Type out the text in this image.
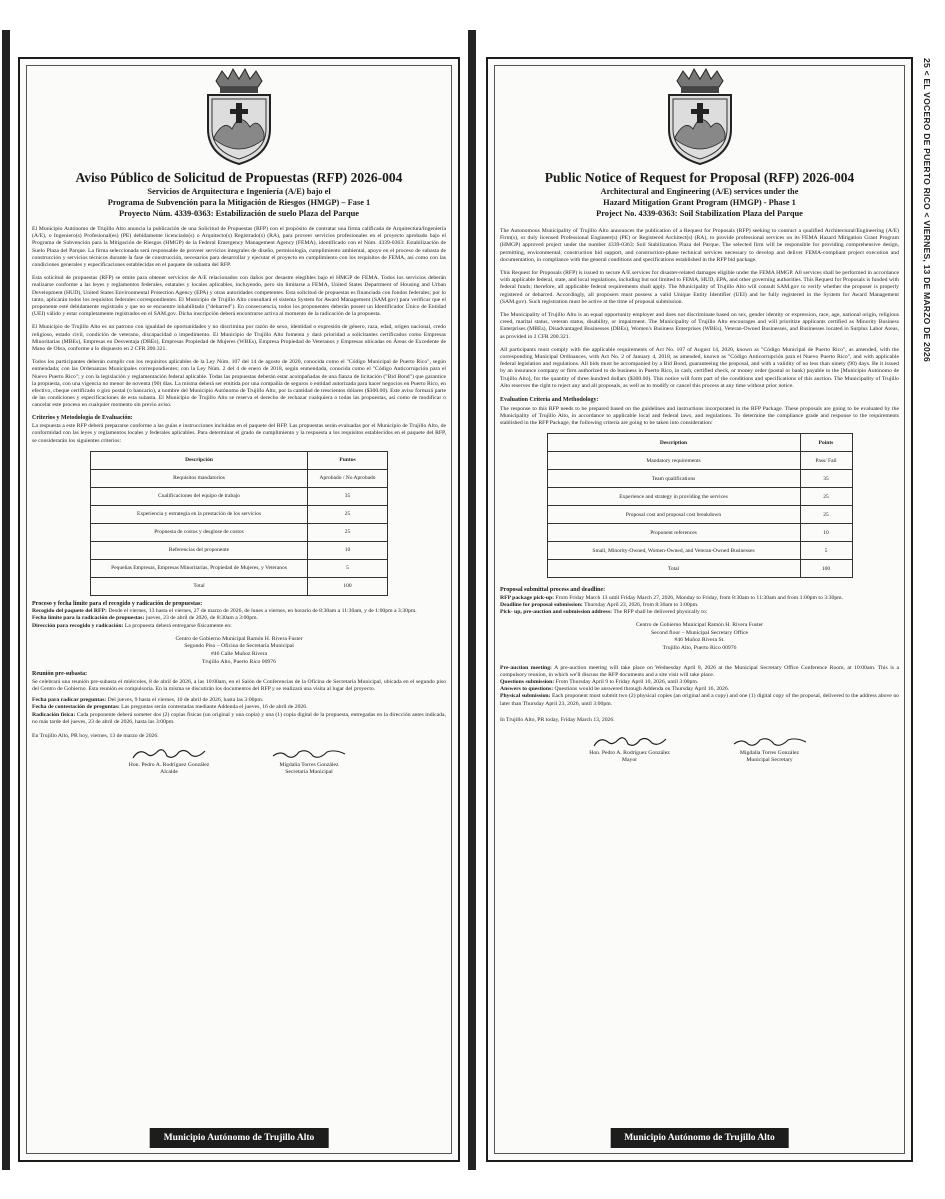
25 < EL VOCERO DE PUERTO RICO < VIERNES, 13 DE MARZO DE 2026
Aviso Público de Solicitud de Propuestas (RFP) 2026-004
Servicios de Arquitectura e Ingeniería (A/E) bajo el
Programa de Subvención para la Mitigación de Riesgos (HMGP) – Fase 1
Proyecto Núm. 4339-0363: Estabilización de suelo Plaza del Parque

El Municipio Autónomo de Trujillo Alto anuncia la publicación de una Solicitud de Propuestas (RFP) con el propósito de contratar una firma calificada de Arquitectura/Ingeniería (A/E), o Ingeniero(s) Profesional(es) (PE) debidamente licenciado(s) o Arquitecto(s) Registrado(s) (RA), para proveer servicios profesionales en el proyecto aprobado bajo el Programa de Subvención para la Mitigación de Riesgos (HMGP) de la Federal Emergency Management Agency (FEMA), identificado con el Núm. 4339-0363: Estabilización de Suelo Plaza del Parque. La firma seleccionada será responsable de proveer servicios integrales de diseño, permisología, cumplimiento ambiental, apoyo en el proceso de subasta de construcción y servicios técnicos durante la fase de construcción, necesarios para desarrollar y ejecutar el proyecto en cumplimiento con los requisitos de FEMA, así como con las condiciones generales y especificaciones establecidas en el paquete de subasta del RFP.

Esta solicitud de propuestas (RFP) se emite para obtener servicios de A/E relacionados con daños por desastre elegibles bajo el HMGP de FEMA. Todos los servicios deberán realizarse conforme a las leyes y reglamentos federales, estatales y locales aplicables, incluyendo, pero sin limitarse a FEMA, United States Department of Housing and Urban Development (HUD), United States Environmental Protection Agency (EPA) y otras autoridades competentes. Esta solicitud de propuestas es financiada con fondos federales; por lo tanto, aplicarán todos los requisitos federales correspondientes. El Municipio de Trujillo Alto consultará el sistema System for Award Management (SAM.gov) para verificar que el proponente esté debidamente registrado y que no se encuentre inhabilitado ("debarred"). En consecuencia, todos los proponentes deberán poseer un Identificador Único de Entidad (UEI) válido y estar completamente registrados en el SAM.gov. Dicha inscripción deberá encontrarse activa al momento de la radicación de la propuesta.

El Municipio de Trujillo Alto es un patrono con igualdad de oportunidades y no discrimina por razón de sexo, identidad o expresión de género, raza, edad, origen nacional, credo religioso, estado civil, condición de veterano, discapacidad o impedimento. El Municipio de Trujillo Alto fomenta y dará prioridad a solicitantes certificados como Empresas Minoritarias (MBEs), Empresas en Desventaja (DBEs), Empresas Propiedad de Mujeres (WBEs), Empresa Propiedad de Veteranos y Empresas ubicadas en Áreas de Excedente de Mano de Obra, conforme a lo dispuesto en 2 CFR 200.321.

Todos los participantes deberán cumplir con los requisitos aplicables de la Ley Núm. 107 del 14 de agosto de 2020, conocida como el "Código Municipal de Puerto Rico", según enmendada; con las Ordenanzas Municipales correspondientes; con la Ley Núm. 2 del 4 de enero de 2018, según enmendada, conocida como el "Código Anticorrupción para el Nuevo Puerto Rico"; y con la legislación y reglamentación federal aplicable. Todas las propuestas deberán estar acompañadas de una fianza de licitación ("Bid Bond") que garantice la propuesta, con una vigencia no menor de noventa (90) días. La misma deberá ser emitida por una compañía de seguros o entidad autorizada para hacer negocios en Puerto Rico, en efectivo, cheque certificado o giro postal (o bancario), a nombre del Municipio Autónomo de Trujillo Alto, por la cantidad de trescientos dólares ($300.00). Este aviso formará parte de las condiciones y especificaciones de esta subasta. El Municipio de Trujillo Alto se reserva el derecho de rechazar cualquiera o todas las propuestas, así como de modificar o cancelar este proceso en cualquier momento sin previo aviso.

Criterios y Metodología de Evaluación:

La respuesta a este RFP deberá prepararse conforme a las guías e instrucciones incluidas en el paquete del RFP. Las propuestas serán evaluadas por el Municipio de Trujillo Alto, de conformidad con las leyes y reglamentos locales y federales aplicables. Para determinar el grado de cumplimiento y la respuesta a los requisitos establecidos en el paquete del RFP, se considerarán los siguientes criterios:

Descripción	Puntos
Requisitos mandatorios	Aprobado / No Aprobado
Cualificaciones del equipo de trabajo	35
Experiencia y estrategia en la prestación de los servicios	25
Propuesta de costos y desglose de costos	25
Referencias del proponente	10
Pequeñas Empresas, Empresas Minoritarias, Propiedad de Mujeres, y Veteranos	5
Total	100
Proceso y fecha límite para el recogido y radicación de propuestas:
Recogido del paquete del RFP: Desde el viernes, 13 hasta el viernes, 27 de marzo de 2026, de lunes a viernes, en horario de 8:30am a 11:30am, y de 1:00pm a 3:30pm.
Fecha límite para la radicación de propuestas: jueves, 23 de abril de 2026, de 8:30am a 3:00pm.
Dirección para recogido y radicación: La propuesta deberá entregarse físicamente en:
Centro de Gobierno Municipal Ramón H. Rivera Fuster
Segundo Piso – Oficina de Secretaría Municipal
#46 Calle Muñoz Rivera
Trujillo Alto, Puerto Rico 00976
Reunión pre-subasta:
Se celebrará una reunión pre-subasta el miércoles, 8 de abril de 2026, a las 10:00am, en el Salón de Conferencias de la Oficina de Secretaría Municipal, ubicada en el segundo piso del Centro de Gobierno. Esta reunión es compulsoria. En la misma se discutirán los documentos del RFP y se realizará una visita al lugar del proyecto.
Fecha para radicar preguntas: Del jueves, 9 hasta el viernes, 10 de abril de 2026, hasta las 3:00pm.
Fecha de contestación de preguntas: Las preguntas serán contestadas mediante Addenda el jueves, 16 de abril de 2026.
Radicación física: Cada proponente deberá someter dos (2) copias físicas (un original y una copia) y una (1) copia digital de la propuesta, entregadas en la dirección antes indicada, no más tarde del jueves, 23 de abril de 2026, hasta las 3:00pm.
En Trujillo Alto, PR hoy, viernes, 13 de marzo de 2026.
Hon. Pedro A. Rodríguez González
Alcalde
Migdalia Torres González
Secretaria Municipal
Municipio Autónomo de Trujillo Alto
Public Notice of Request for Proposal (RFP) 2026-004
Architectural and Engineering (A/E) services under the
Hazard Mitigation Grant Program (HMGP) - Phase 1
Project No. 4339-0363: Soil Stabilization Plaza del Parque

The Autonomous Municipality of Trujillo Alto announces the publication of a Request for Proposals (RFP) seeking to contract a qualified Architectural/Engineering (A/E) Firm(s), or duly licensed Professional Engineer(s) (PE) or Registered Architect(s) (RA), to provide professional services on its FEMA Hazard Mitigation Grant Program (HMGP) approved project under the number 4339-0363: Soil Stabilization Plaza del Parque. The selected firm will be responsible for providing comprehensive design, permitting, environmental, construction bid support, and construction-phase technical services necessary to develop and deliver FEMA-compliant project execution and documentation, in compliance with the general conditions and specifications established in the RFP bid package.

This Request for Proposals (RFP) is issued to secure A/E services for disaster-related damages eligible under the FEMA HMGP. All services shall be performed in accordance with applicable federal, state, and local regulations, including but not limited to FEMA, HUD, EPA, and other governing authorities. This Request for Proposals is funded with federal funds; therefore, all applicable federal requirements shall apply. The Municipality of Trujillo Alto will consult SAM.gov to verify whether the proposer is properly registered or debarred. Accordingly, all proposers must possess a valid Unique Entity Identifier (UEI) and be fully registered in the System for Award Management (SAM.gov). Such registration must be active at the time of proposal submission.

The Municipality of Trujillo Alto is an equal opportunity employer and does not discriminate based on sex, gender identity or expression, race, age, national origin, religious creed, marital status, veteran status, disability, or impairment. The Municipality of Trujillo Alto encourages and will prioritize applicants certified as Minority Business Enterprises (MBEs), Disadvantaged Businesses (DBEs), Women's Business Enterprises (WBEs), Veteran-Owned Businesses, and Businesses located in Surplus Labor Areas, as provided in 2 CFR 200.321.

All participants must comply with the applicable requirements of Act No. 107 of August 14, 2020, known as "Código Municipal de Puerto Rico", as amended, with the corresponding Municipal Ordinances, with Act No. 2 of January 4, 2018, as amended, known as "Código Anticorrupción para el Nuevo Puerto Rico", and with applicable federal legislation and regulations. All bids must be accompanied by a Bid Bond, guaranteeing the proposal, and with a validity of no less than ninety (90) days. Be it issued by an insurance company or firm authorized to do business in Puerto Rico, in cash, certified check, or money order (postal or bank) payable to the [Municipio Autónomo de Trujillo Alto], for the quantity of three hundred dollars ($300.00). This notice will form part of the conditions and specifications of this auction. The Municipality of Trujillo Alto reserves the right to reject any and all proposals, as well as to modify or cancel this process at any time without prior notice.

Evaluation Criteria and Methodology:

The response to this RFP needs to be prepared based on the guidelines and instructions incorporated in the RFP Package. These proposals are going to be evaluated by the Municipality of Trujillo Alto, in accordance to applicable local and federal laws, and regulations. To determine the compliance grade and response to the requirements stablished in the RFP Package, the following criteria are going to be taken into consideration:

Description	Points
Mandatory requirements	Pass/ Fail
Team qualifications	35
Experience and strategy in providing the services	25
Proposal cost and proposal cost breakdown	25
Proponent references	10
Small, Minority-Owned, Women-Owned, and Veteran-Owned Businesses	5
Total	100
Proposal submittal process and deadline:
RFP package pick-up: From Friday March 13 until Friday March 27, 2026, Monday to Friday, from 8:30am to 11:30am and from 1:00pm to 3:30pm.
Deadline for proposal submission: Thursday April 23, 2026, from 8:30am to 3:00pm.
Pick- up, pre-auction and submission address: The RFP shall be delivered physically to:
Centro de Gobierno Municipal Ramón H. Rivera Fuster
Second floor – Municipal Secretary Office
#46 Muñoz Rivera St.
Trujillo Alto, Puerto Rico 00976
Pre-auction meeting: A pre-auction meeting will take place on Wednesday April 8, 2026 at the Municipal Secretary Office Conference Room, at 10:00am. This is a compulsory reunion, in which we'll discuss the RFP documents and a site visit will take place.
Questions submission: From Thursday April 9 to Friday April 10, 2026, until 3:00pm.
Answers to questions: Questions would be answered through Addenda on Thursday April 16, 2026.
Physical submission: Each proponent must submit two (2) physical copies (an original and a copy) and one (1) digital copy of the proposal, delivered to the address above no later than Thursday April 23, 2026, until 3:00pm.
In Trujillo Alto, PR today, Friday March 13, 2026.
Hon. Pedro A. Rodríguez González
Mayor
Migdalia Torres González
Municipal Secretary
Municipio Autónomo de Trujillo Alto
